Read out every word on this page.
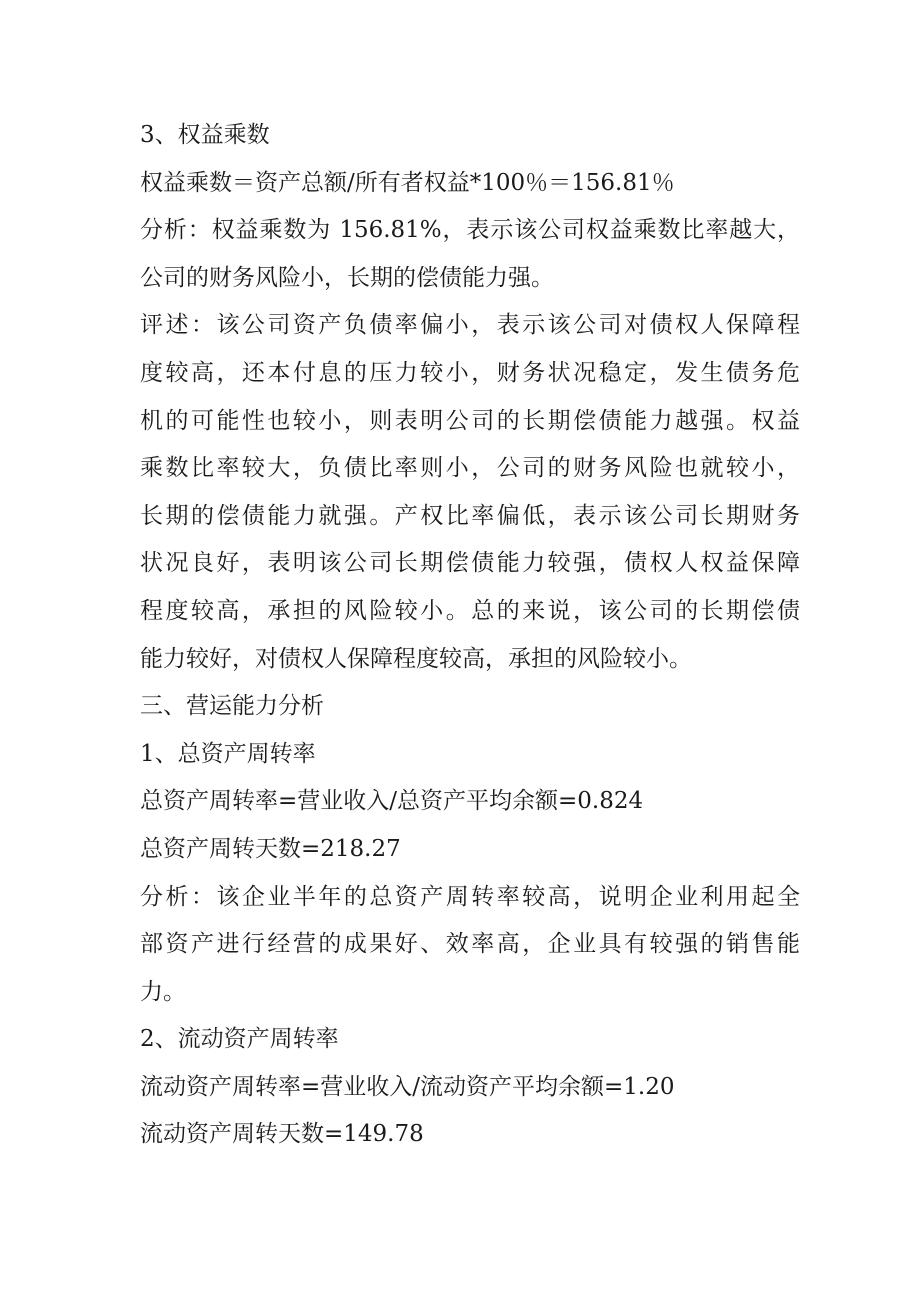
3、权益乘数
权益乘数＝资产总额/所有者权益*100％＝156.81％
分析：权益乘数为 156.81%，表示该公司权益乘数比率越大，
公司的财务风险小，长期的偿债能力强。
评述：该公司资产负债率偏小，表示该公司对债权人保障程
度较高，还本付息的压力较小，财务状况稳定，发生债务危
机的可能性也较小，则表明公司的长期偿债能力越强。权益
乘数比率较大，负债比率则小，公司的财务风险也就较小，
长期的偿债能力就强。产权比率偏低，表示该公司长期财务
状况良好，表明该公司长期偿债能力较强，债权人权益保障
程度较高，承担的风险较小。总的来说，该公司的长期偿债
能力较好，对债权人保障程度较高，承担的风险较小。
三、营运能力分析
1、总资产周转率
总资产周转率=营业收入/总资产平均余额=0.824
总资产周转天数=218.27
分析：该企业半年的总资产周转率较高，说明企业利用起全
部资产进行经营的成果好、效率高，企业具有较强的销售能
力。
2、流动资产周转率
流动资产周转率=营业收入/流动资产平均余额=1.20
流动资产周转天数=149.78
